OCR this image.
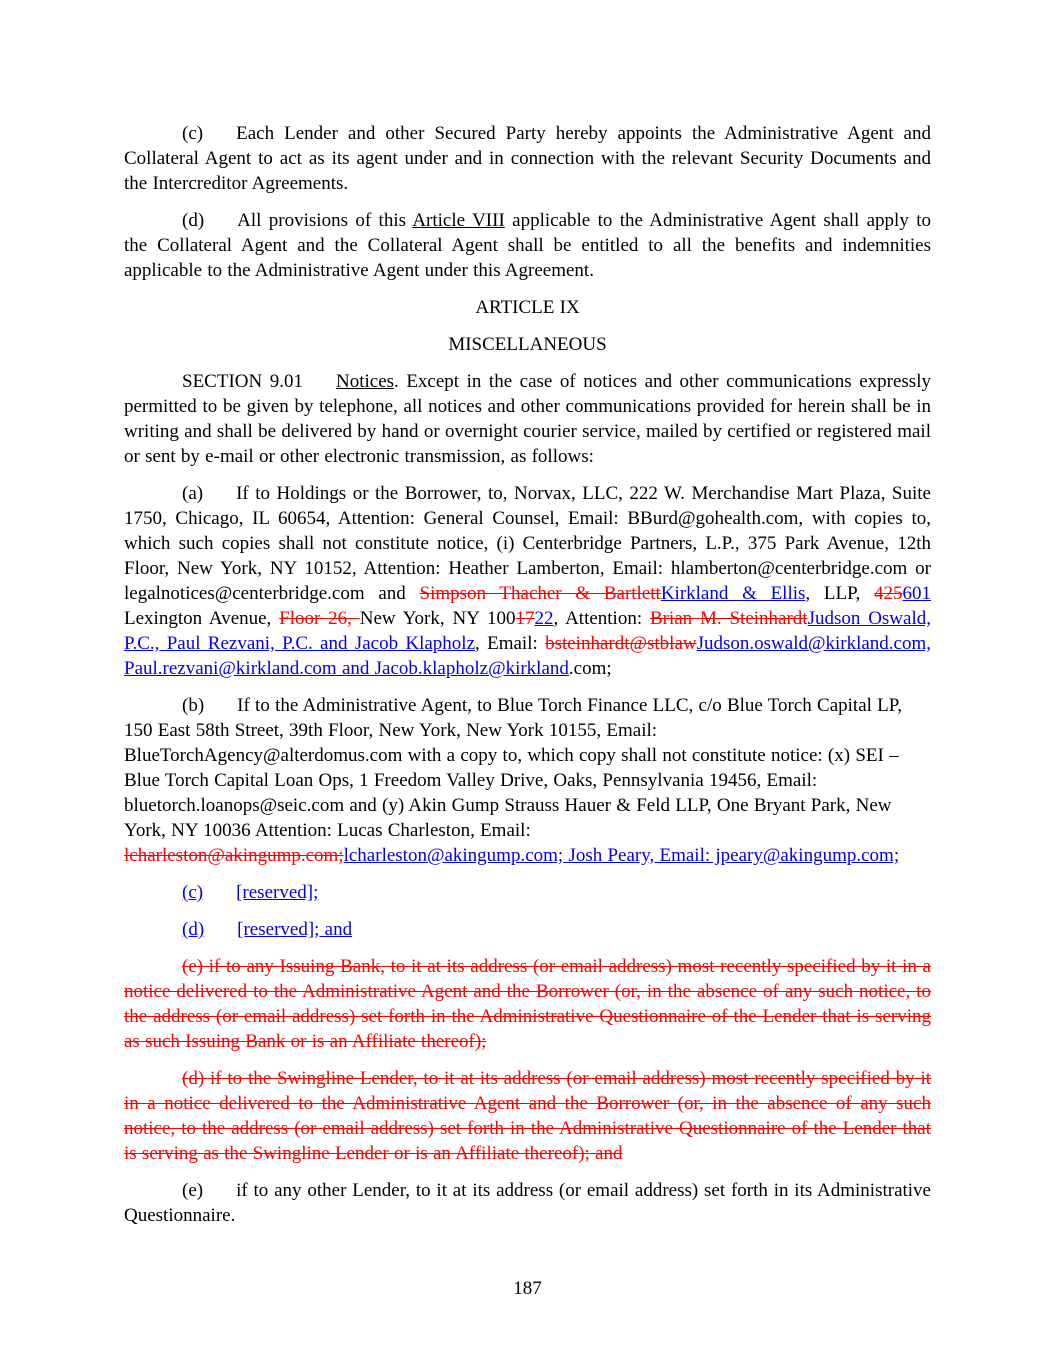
(c) Each Lender and other Secured Party hereby appoints the Administrative Agent and Collateral Agent to act as its agent under and in connection with the relevant Security Documents and the Intercreditor Agreements.
(d) All provisions of this Article VIII applicable to the Administrative Agent shall apply to the Collateral Agent and the Collateral Agent shall be entitled to all the benefits and indemnities applicable to the Administrative Agent under this Agreement.
ARTICLE IX
MISCELLANEOUS
SECTION 9.01 Notices. Except in the case of notices and other communications expressly permitted to be given by telephone, all notices and other communications provided for herein shall be in writing and shall be delivered by hand or overnight courier service, mailed by certified or registered mail or sent by e-mail or other electronic transmission, as follows:
(a) If to Holdings or the Borrower, to, Norvax, LLC, 222 W. Merchandise Mart Plaza, Suite 1750, Chicago, IL 60654, Attention: General Counsel, Email: BBurd@gohealth.com, with copies to, which such copies shall not constitute notice, (i) Centerbridge Partners, L.P., 375 Park Avenue, 12th Floor, New York, NY 10152, Attention: Heather Lamberton, Email: hlamberton@centerbridge.com or legalnotices@centerbridge.com and Simpson Thacher & BartlettKirkland & Ellis, LLP, 425601 Lexington Avenue, Floor 26, New York, NY 1001722, Attention: Brian M. SteinhardtJudson Oswald, P.C., Paul Rezvani, P.C. and Jacob Klapholz, Email: bsteinhardt@stblawJudson.oswald@kirkland.com, Paul.rezvani@kirkland.com and Jacob.klapholz@kirkland.com;
(b) If to the Administrative Agent, to Blue Torch Finance LLC, c/o Blue Torch Capital LP, 150 East 58th Street, 39th Floor, New York, New York 10155, Email:
BlueTorchAgency@alterdomus.com with a copy to, which copy shall not constitute notice: (x) SEI – Blue Torch Capital Loan Ops, 1 Freedom Valley Drive, Oaks, Pennsylvania 19456, Email:
bluetorch.loanops@seic.com and (y) Akin Gump Strauss Hauer & Feld LLP, One Bryant Park, New York, NY 10036 Attention: Lucas Charleston, Email:
lcharleston@akingump.com;lcharleston@akingump.com; Josh Peary, Email: jpeary@akingump.com;
(c) [reserved];
(d) [reserved]; and
(e) if to any Issuing Bank, to it at its address (or email address) most recently specified by it in a notice delivered to the Administrative Agent and the Borrower (or, in the absence of any such notice, to the address (or email address) set forth in the Administrative Questionnaire of the Lender that is serving as such Issuing Bank or is an Affiliate thereof);
(d) if to the Swingline Lender, to it at its address (or email address) most recently specified by it in a notice delivered to the Administrative Agent and the Borrower (or, in the absence of any such notice, to the address (or email address) set forth in the Administrative Questionnaire of the Lender that is serving as the Swingline Lender or is an Affiliate thereof); and
(e) if to any other Lender, to it at its address (or email address) set forth in its Administrative Questionnaire.
187
